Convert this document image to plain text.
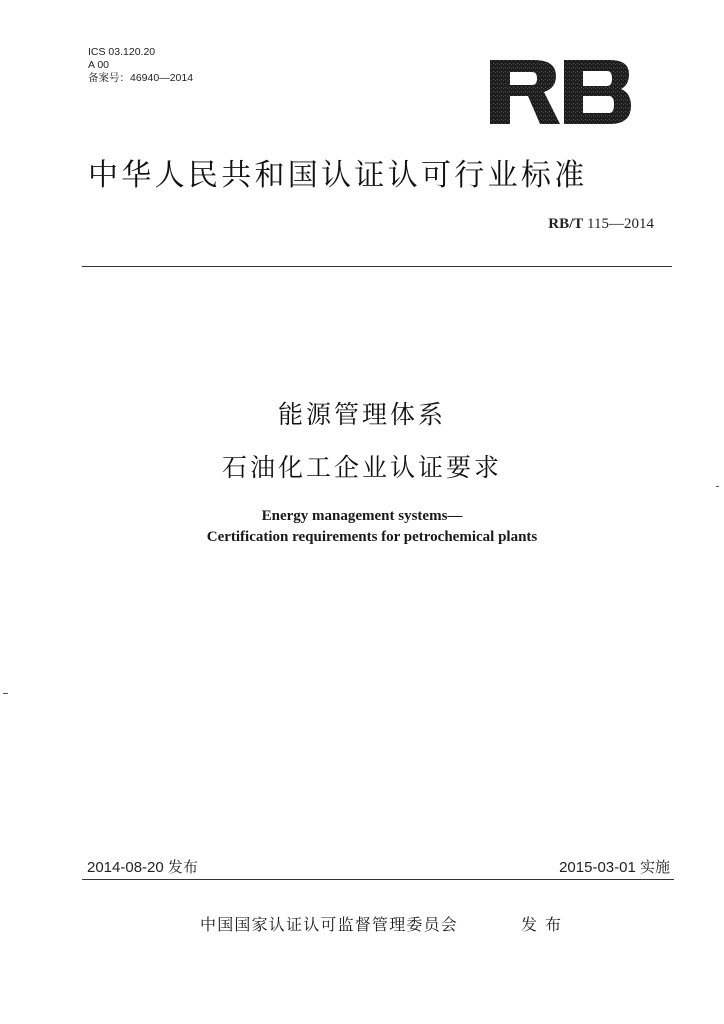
ICS 03.120.20
A 00
备案号：46940—2014
中华人民共和国认证认可行业标准
RB/T 115—2014
能源管理体系
石油化工企业认证要求
Energy management systems—
Certification requirements for petrochemical plants
2014-08-20 发布	2015-03-01 实施
中国国家认证认可监督管理委员会	发布
